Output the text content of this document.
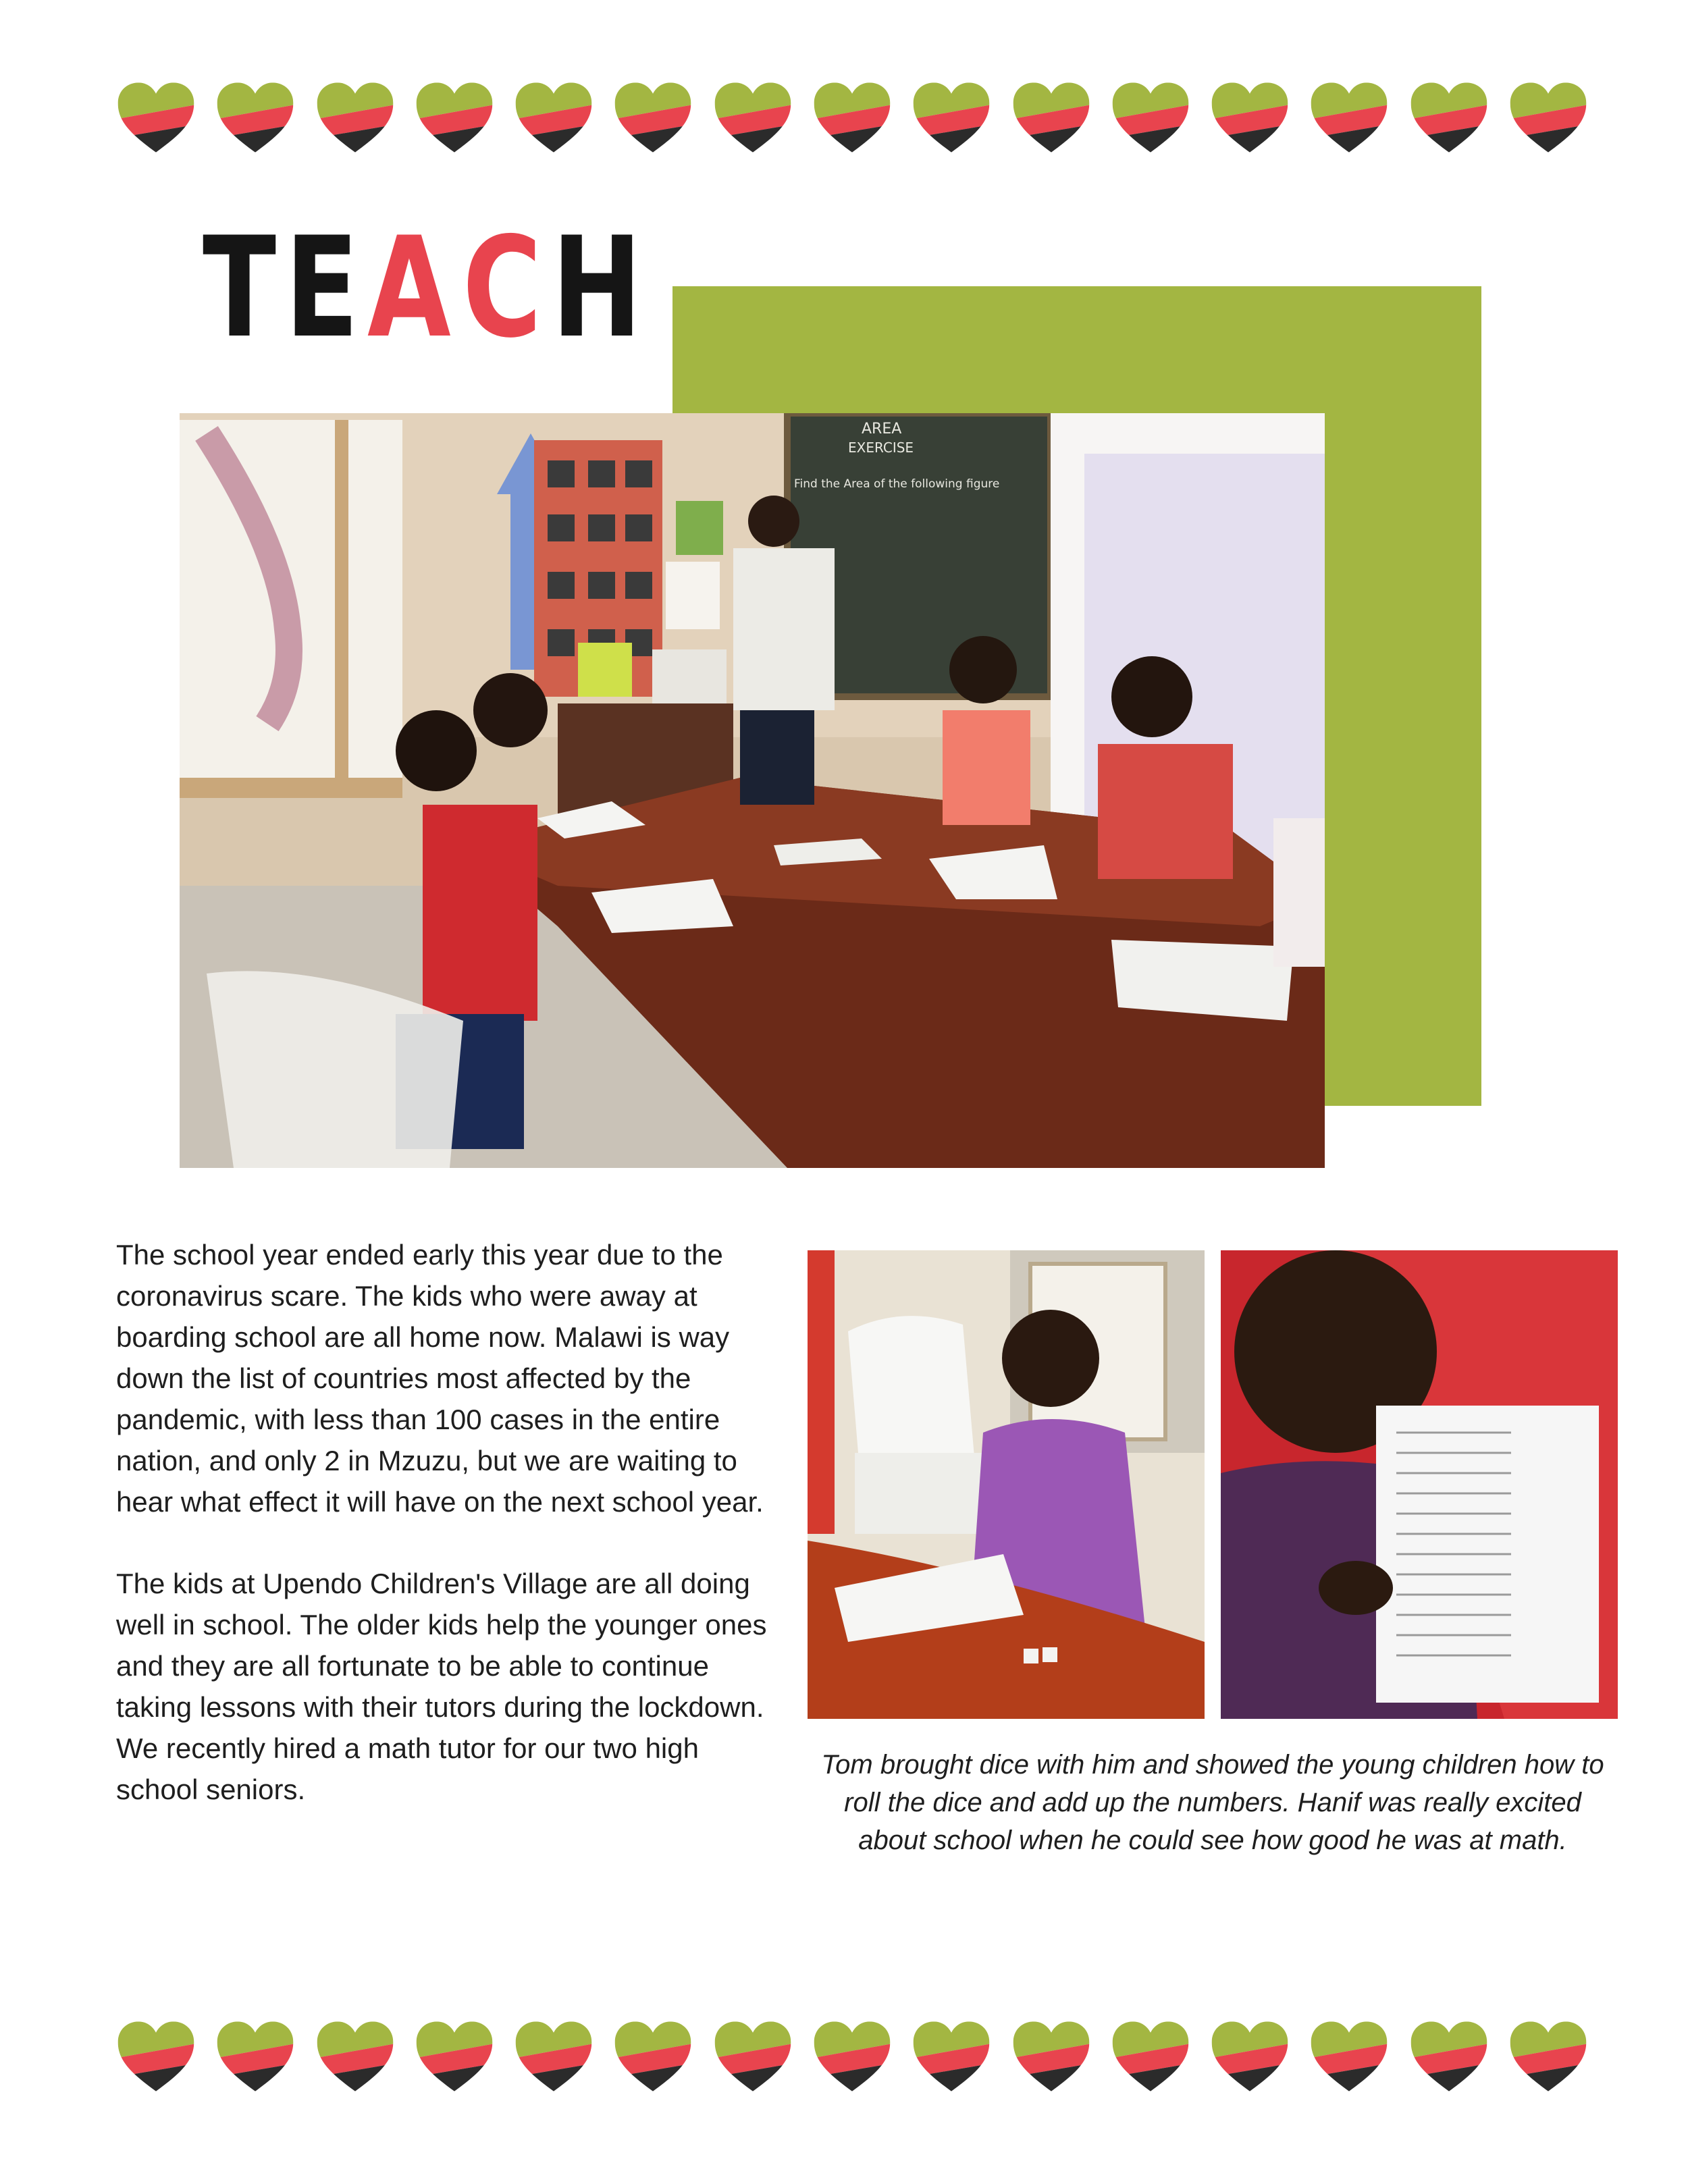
T E A C H
AREA
EXERCISE
Find the Area of the following figure

The school year ended early this year due to the coronavirus scare. The kids who were away at boarding school are all home now. Malawi is way down the list of countries most affected by the pandemic, with less than 100 cases in the entire nation, and only 2 in Mzuzu, but we are waiting to hear what effect it will have on the next school year.

The kids at Upendo Children's Village are all doing well in school. The older kids help the younger ones and they are all fortunate to be able to continue taking lessons with their tutors during the lockdown. We recently hired a math tutor for our two high school seniors.

Tom brought dice with him and showed the young children how to roll the dice and add up the numbers. Hanif was really excited about school when he could see how good he was at math.
